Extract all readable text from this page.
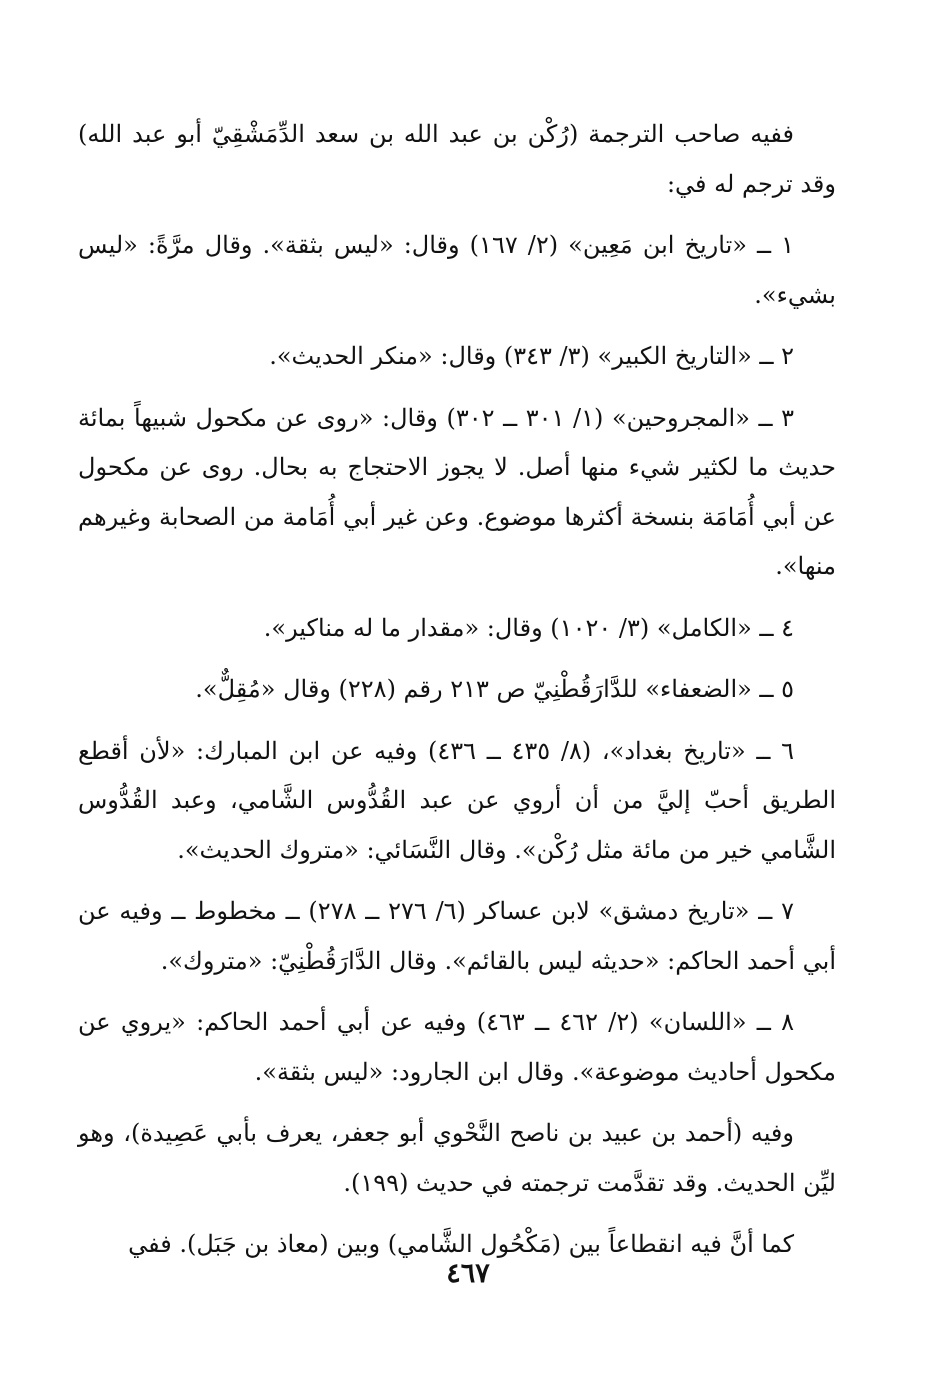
ففيه صاحب الترجمة (رُكْن بن عبد الله بن سعد الدِّمَشْقِيّ أبو عبد الله) وقد ترجم له في:

١ ــ «تاريخ ابن مَعِين» (٢/ ١٦٧) وقال: «ليس بثقة». وقال مرَّةً: «ليس بشيء».

٢ ــ «التاريخ الكبير» (٣/ ٣٤٣) وقال: «منكر الحديث».

٣ ــ «المجروحين» (١/ ٣٠١ ــ ٣٠٢) وقال: «روى عن مكحول شبيهاً بمائة حديث ما لكثير شيء منها أصل. لا يجوز الاحتجاج به بحال. روى عن مكحول عن أبي أُمَامَة بنسخة أكثرها موضوع. وعن غير أبي أُمَامة من الصحابة وغيرهم منها».

٤ ــ «الكامل» (٣/ ١٠٢٠) وقال: «مقدار ما له مناكير».

٥ ــ «الضعفاء» للدَّارَقُطْنِيّ ص ٢١٣ رقم (٢٢٨) وقال «مُقِلٌّ».

٦ ــ «تاريخ بغداد»، (٨/ ٤٣٥ ــ ٤٣٦) وفيه عن ابن المبارك: «لأن أقطع الطريق أحبّ إليَّ من أن أروي عن عبد القُدُّوس الشَّامي، وعبد القُدُّوس الشَّامي خير من مائة مثل رُكْن». وقال النَّسَائي: «متروك الحديث».

٧ ــ «تاريخ دمشق» لابن عساكر (٦/ ٢٧٦ ــ ٢٧٨) ــ مخطوط ــ وفيه عن أبي أحمد الحاكم: «حديثه ليس بالقائم». وقال الدَّارَقُطْنِيّ: «متروك».

٨ ــ «اللسان» (٢/ ٤٦٢ ــ ٤٦٣) وفيه عن أبي أحمد الحاكم: «يروي عن مكحول أحاديث موضوعة». وقال ابن الجارود: «ليس بثقة».

وفيه (أحمد بن عبيد بن ناصح النَّحْوي أبو جعفر، يعرف بأبي عَصِيدة)، وهو ليِّن الحديث. وقد تقدَّمت ترجمته في حديث (١٩٩).

كما أنَّ فيه انقطاعاً بين (مَكْحُول الشَّامي) وبين (معاذ بن جَبَل). ففي

٤٦٧
